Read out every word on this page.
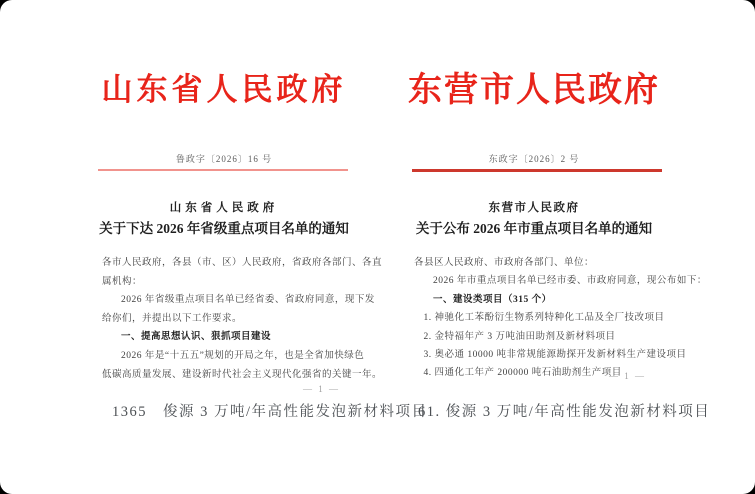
山东省人民政府
鲁政字〔2026〕16 号
山东省人民政府
关于下达 2026 年省级重点项目名单的通知
各市人民政府，各县（市、区）人民政府，省政府各部门、各直
属机构：
2026 年省级重点项目名单已经省委、省政府同意，现下发
给你们，并提出以下工作要求。
一、提高思想认识、狠抓项目建设
2026 年是“十五五”规划的开局之年，也是全省加快绿色
低碳高质量发展、建设新时代社会主义现代化强省的关键一年。
— 1 —
1365　俊源 3 万吨/年高性能发泡新材料项目
东营市人民政府
东政字〔2026〕2 号
东营市人民政府
关于公布 2026 年市重点项目名单的通知
各县区人民政府、市政府各部门、单位：
2026 年市重点项目名单已经市委、市政府同意，现公布如下：
一、建设类项目（315 个）
1. 神驰化工苯酚衍生物系列特种化工品及全厂技改项目
2. 金特福年产 3 万吨油田助剂及新材料项目
3. 奥必通 10000 吨非常规能源勘探开发新材料生产建设项目
4. 四通化工年产 200000 吨石油助剂生产项目
— 1 —
61. 俊源 3 万吨/年高性能发泡新材料项目
